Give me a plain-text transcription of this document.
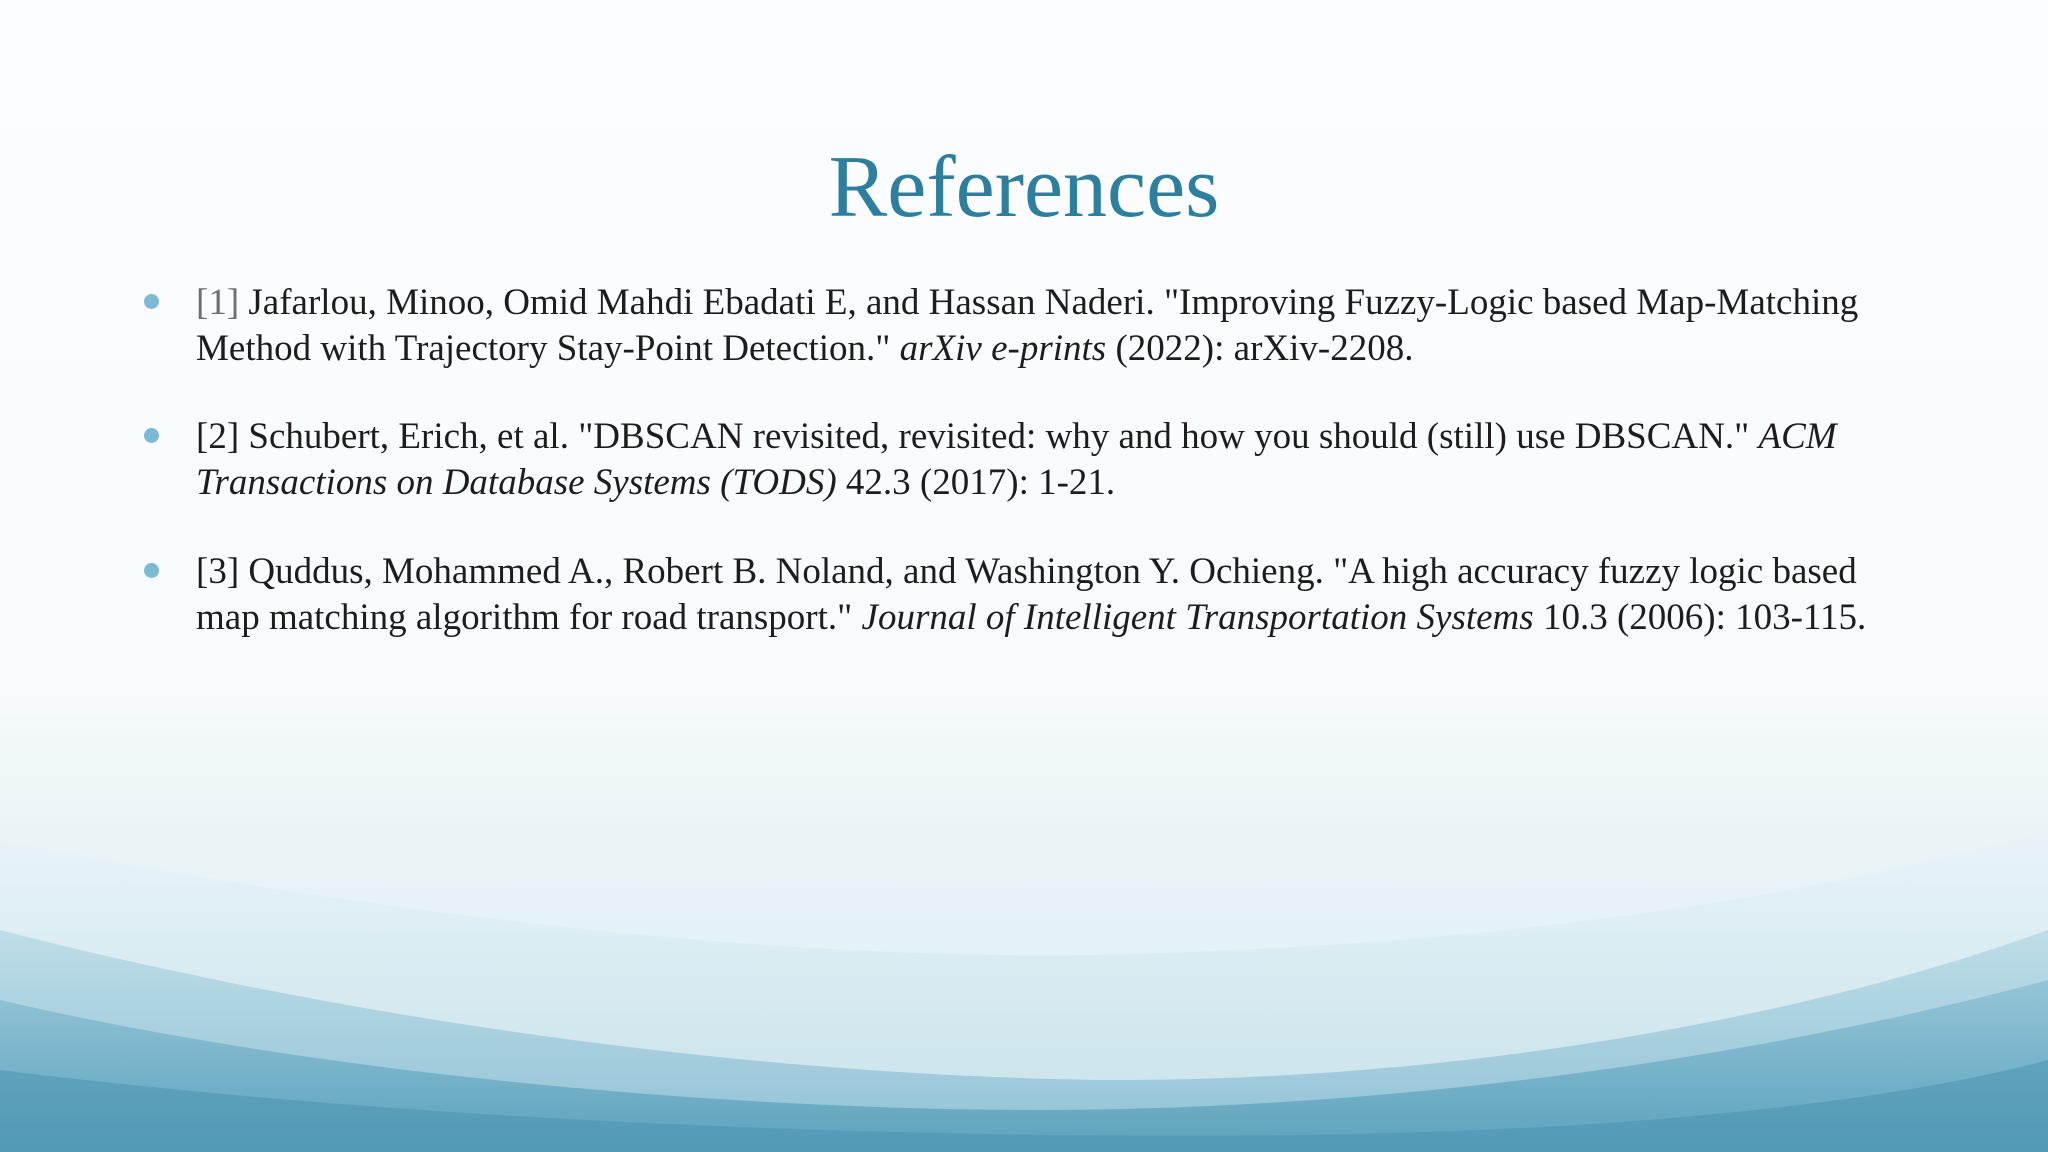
References
[1] Jafarlou, Minoo, Omid Mahdi Ebadati E, and Hassan Naderi. "Improving Fuzzy-Logic based Map-Matching Method with Trajectory Stay-Point Detection." arXiv e-prints (2022): arXiv-2208.
[2] Schubert, Erich, et al. "DBSCAN revisited, revisited: why and how you should (still) use DBSCAN." ACM Transactions on Database Systems (TODS) 42.3 (2017): 1-21.
[3] Quddus, Mohammed A., Robert B. Noland, and Washington Y. Ochieng. "A high accuracy fuzzy logic based map matching algorithm for road transport." Journal of Intelligent Transportation Systems 10.3 (2006): 103-115.
